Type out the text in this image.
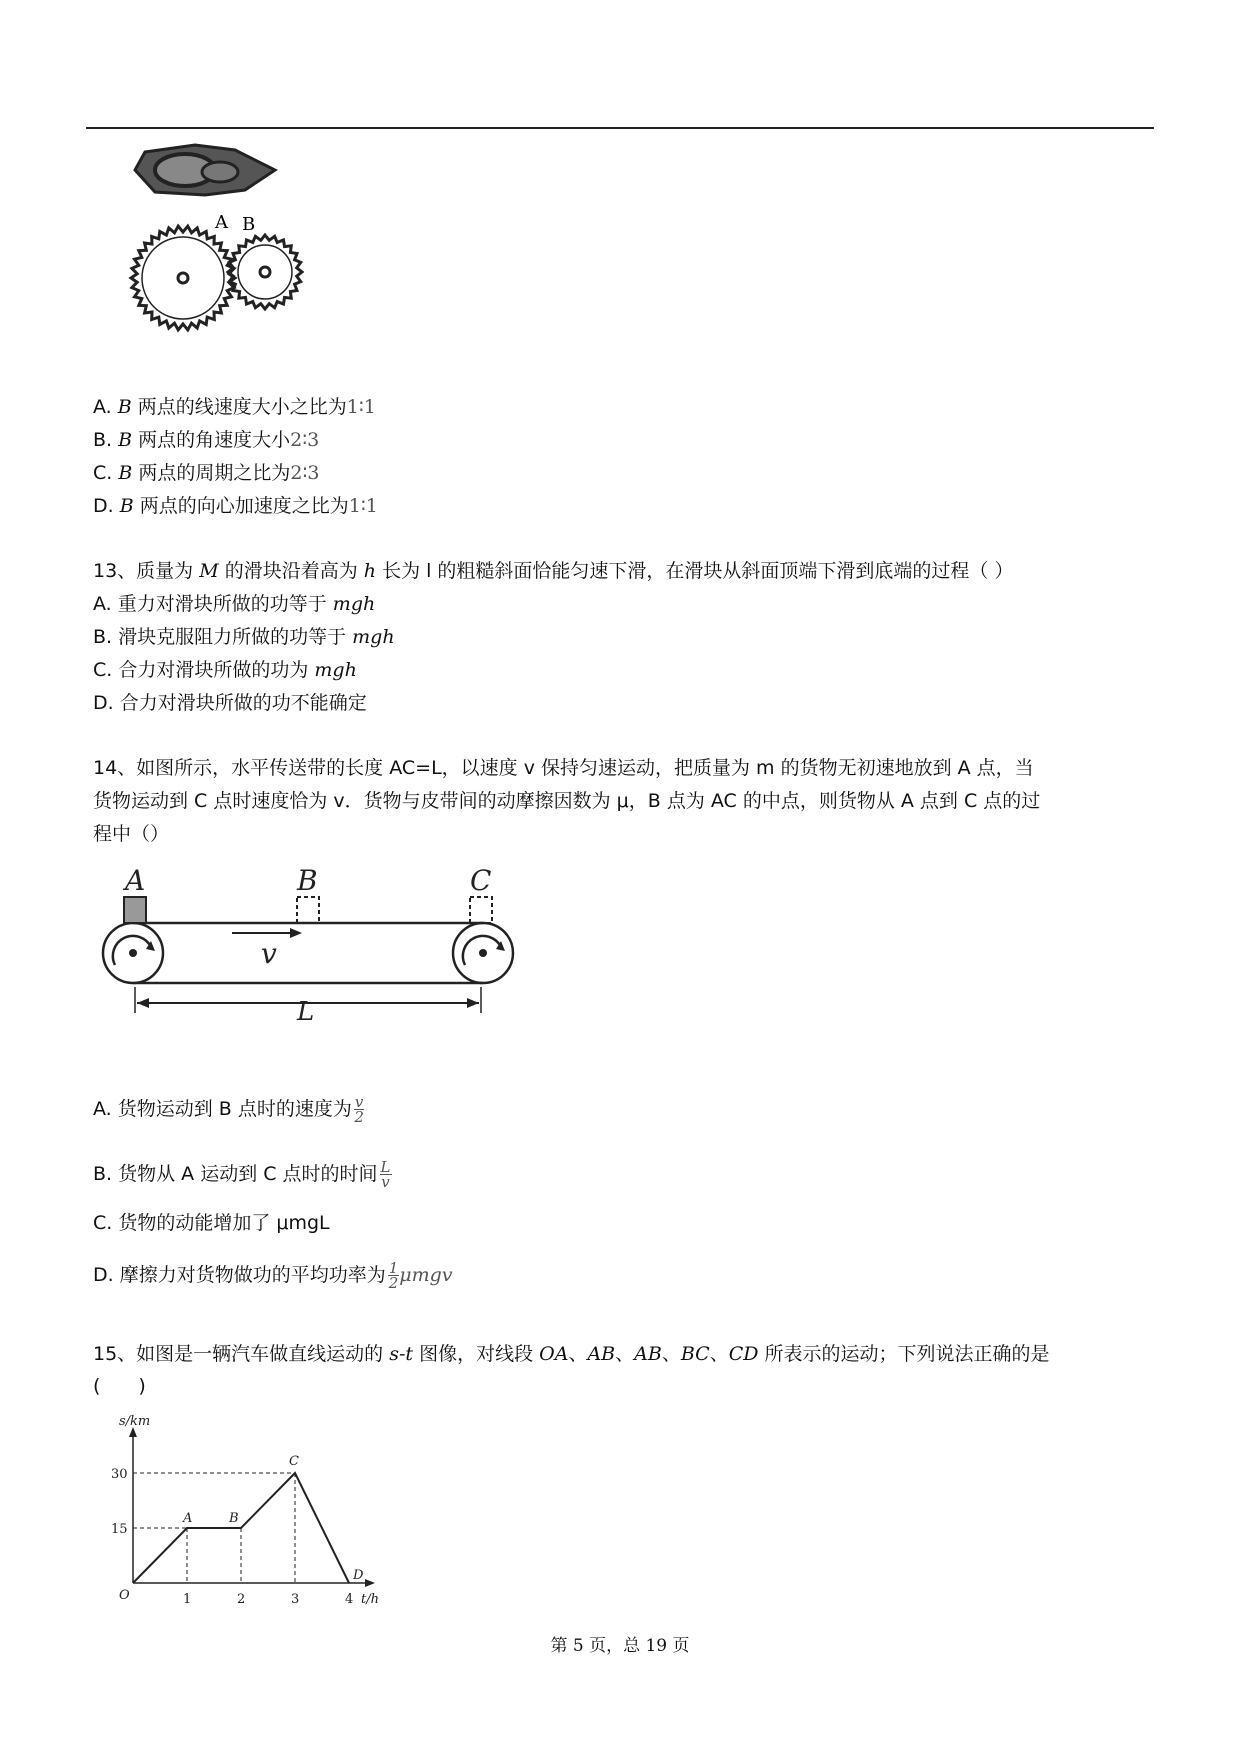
A B
A. B 两点的线速度大小之比为1∶1
B. B 两点的角速度大小2∶3
C. B 两点的周期之比为2∶3
D. B 两点的向心加速度之比为1∶1
13、质量为 M 的滑块沿着高为 h 长为 l 的粗糙斜面恰能匀速下滑，在滑块从斜面顶端下滑到底端的过程（ ）
A. 重力对滑块所做的功等于 mgh
B. 滑块克服阻力所做的功等于 mgh
C. 合力对滑块所做的功为 mgh
D. 合力对滑块所做的功不能确定
14、如图所示，水平传送带的长度 AC=L，以速度 v 保持匀速运动，把质量为 m 的货物无初速地放到 A 点，当
货物运动到 C 点时速度恰为 v．货物与皮带间的动摩擦因数为 μ，B 点为 AC 的中点，则货物从 A 点到 C 点的过
程中（）
A	B	C
v
L
A. 货物运动到 B 点时的速度为 $\frac{v}{2}$
B. 货物从 A 运动到 C 点时的时间 $\frac{L}{v}$
C. 货物的动能增加了 μmgL
D. 摩擦力对货物做功的平均功率为 $\frac{1}{2}$ μmgv
15、如图是一辆汽车做直线运动的 s-t 图像，对线段 OA、AB、AB、BC、CD 所表示的运动；下列说法正确的是
(　　)
s/km
t/h
15
30
1	2	3	4
O
A	B
C
D
第 5 页，总 19 页
